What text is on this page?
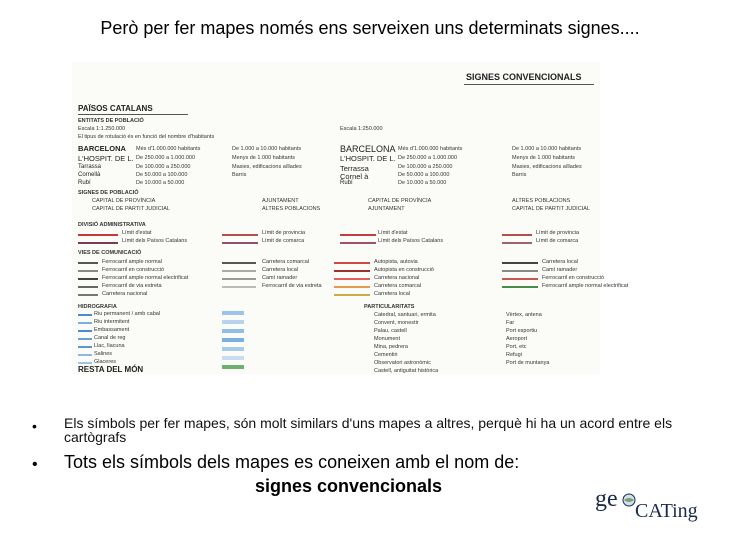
Però per fer mapes només ens serveixen uns determinats signes....
SIGNES CONVENCIONALS
PAÏSOS CATALANS
ENTITATS DE POBLACIÓ
Escala 1:1.250.000
El tipus de rotulació és en funció del nombre d'habitants
Escala 1:250.000
BARCELONA
L'HOSPIT. DE L.
Tarrassa
Cornellà
Rubí
Més d'1.000.000 habitants
De 250.000 a 1.000.000
De 100.000 a 250.000
De 50.000 a 100.000
De 10.000 a 50.000
De 1.000 a 10.000 habitants
Menys de 1.000 habitants
Masies, edificacions aïllades
Barris
BARCELONA
L'HOSPIT. DE L.
Terrassa
Cornel à
Rubí
Més d'1.000.000 habitants
De 250.000 a 1.000.000
De 100.000 a 250.000
De 50.000 a 100.000
De 10.000 a 50.000
De 1.000 a 10.000 habitants
Menys de 1.000 habitants
Masies, edificacions aïllades
Barris
SIGNES DE POBLACIÓ
CAPITAL DE PROVÍNCIA
CAPITAL DE PARTIT JUDICIAL
AJUNTAMENT
ALTRES POBLACIONS
CAPITAL DE PROVÍNCIA
AJUNTAMENT
ALTRES POBLACIONS
CAPITAL DE PARTIT JUDICIAL
DIVISIÓ ADMINISTRATIVA
Límit d'estat
Límit dels Països Catalans
Límit de provincia
Límit de comarca
Límit d'estat
Límit dels Països Catalans
Límit de provincia
Límit de comarca
VIES DE COMUNICACIÓ
Ferrocarril ample normal
Ferrocarril en construcció
Ferrocarril ample normal electrificat
Ferrocarril de via estreta
Carretera nacional
Carretera comarcal
Carretera local
Camí ramader
Ferrocarril de via estreta
Autopista, autovia
Autopista en construcció
Carretera nacional
Carretera comarcal
Carretera local
Carretera local
Camí ramader
Ferrocarril en construcció
Ferrocarril ample normal electrificat
HIDROGRAFIA	PARTICULARITATS
Riu permanent / amb cabal
Riu intermitent
Embassament
Canal de reg
Llac, llacuna
Salines
Glaceres
Catedral, santuari, ermita
Convent, monestir
Palau, castell
Monument
Mina, pedrera
Cementiri
Observatori astronòmic
Castell, antiguitat històrica
Vèrtex, antena
Far
Port esportiu
Aeroport
Port, etc
Refugi
Port de muntanya
RESTA DEL MÓN
• Els símbols per fer mapes, són molt similars d'uns mapes a altres, perquè hi ha un acord entre els cartògrafs
• Tots els símbols dels mapes es coneixen amb el nom de:
signes convencionals	ge CATing
